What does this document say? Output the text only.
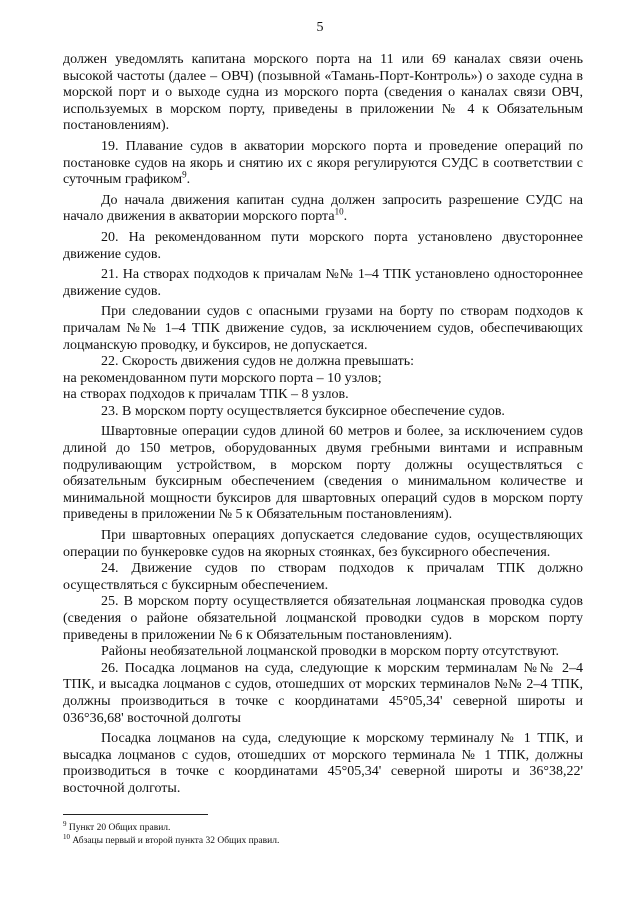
5

должен уведомлять капитана морского порта на 11 или 69 каналах связи очень высокой частоты (далее – ОВЧ) (позывной «Тамань-Порт-Контроль») о заходе судна в морской порт и о выходе судна из морского порта (сведения о каналах связи ОВЧ, используемых в морском порту, приведены в приложении № 4 к Обязательным постановлениям).

19. Плавание судов в акватории морского порта и проведение операций по постановке судов на якорь и снятию их с якоря регулируются СУДС в соответствии с суточным графиком$^9$.

До начала движения капитан судна должен запросить разрешение СУДС на начало движения в акватории морского порта$^{10}$.

20. На рекомендованном пути морского порта установлено двустороннее движение судов.

21. На створах подходов к причалам №№ 1–4 ТПК установлено одностороннее движение судов.

При следовании судов с опасными грузами на борту по створам подходов к причалам №№ 1–4 ТПК движение судов, за исключением судов, обеспечивающих лоцманскую проводку, и буксиров, не допускается.

22. Скорость движения судов не должна превышать:

на рекомендованном пути морского порта – 10 узлов;

на створах подходов к причалам ТПК – 8 узлов.

23. В морском порту осуществляется буксирное обеспечение судов.

Швартовные операции судов длиной 60 метров и более, за исключением судов длиной до 150 метров, оборудованных двумя гребными винтами и исправным подруливающим устройством, в морском порту должны осуществляться с обязательным буксирным обеспечением (сведения о минимальном количестве и минимальной мощности буксиров для швартовных операций судов в морском порту приведены в приложении № 5 к Обязательным постановлениям).

При швартовных операциях допускается следование судов, осуществляющих операции по бункеровке судов на якорных стоянках, без буксирного обеспечения.

24. Движение судов по створам подходов к причалам ТПК должно осуществляться с буксирным обеспечением.

25. В морском порту осуществляется обязательная лоцманская проводка судов (сведения о районе обязательной лоцманской проводки судов в морском порту приведены в приложении № 6 к Обязательным постановлениям).

Районы необязательной лоцманской проводки в морском порту отсутствуют.

26. Посадка лоцманов на суда, следующие к морским терминалам №№ 2–4 ТПК, и высадка лоцманов с судов, отошедших от морских терминалов №№ 2–4 ТПК, должны производиться в точке с координатами 45°05,34' северной широты и 036°36,68' восточной долготы

Посадка лоцманов на суда, следующие к морскому терминалу № 1 ТПК, и высадка лоцманов с судов, отошедших от морского терминала № 1 ТПК, должны производиться в точке с координатами 45°05,34' северной широты и 36°38,22' восточной долготы.

$^9$ Пункт 20 Общих правил.
$^{10}$ Абзацы первый и второй пункта 32 Общих правил.
